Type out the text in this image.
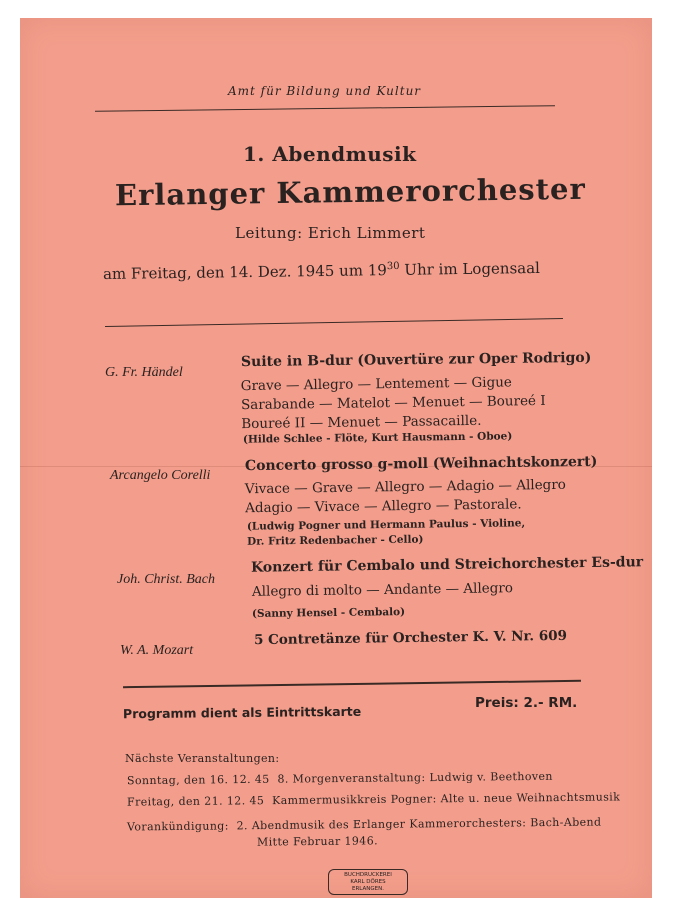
Amt für Bildung und Kultur
1. Abendmusik
Erlanger Kammerorchester
Leitung: Erich Limmert
am Freitag, den 14. Dez. 1945 um $19^{30}$ Uhr im Logensaal
G. Fr. Händel
Suite in B-dur (Ouvertüre zur Oper Rodrigo)
Grave — Allegro — Lentement — Gigue
Sarabande — Matelot — Menuet — Boureé I
Boureé II — Menuet — Passacaille.
(Hilde Schlee - Flöte, Kurt Hausmann - Oboe)
Arcangelo Corelli
Concerto grosso g-moll (Weihnachtskonzert)
Vivace — Grave — Allegro — Adagio — Allegro
Adagio — Vivace — Allegro — Pastorale.
(Ludwig Pogner und Hermann Paulus - Violine,
Dr. Fritz Redenbacher - Cello)
Joh. Christ. Bach
Konzert für Cembalo und Streichorchester Es-dur
Allegro di molto — Andante — Allegro
(Sanny Hensel - Cembalo)
W. A. Mozart
5 Contretänze für Orchester K. V. Nr. 609
Programm dient als Eintrittskarte
Preis: 2.- RM.
Nächste Veranstaltungen:
Sonntag, den 16. 12. 45 8. Morgenveranstaltung: Ludwig v. Beethoven
Freitag, den 21. 12. 45 Kammermusikkreis Pogner: Alte u. neue Weihnachtsmusik
Vorankündigung: 2. Abendmusik des Erlanger Kammerorchesters: Bach-Abend
Mitte Februar 1946.
BUCHDRUCKEREI
KARL DÖRES
ERLANGEN.
